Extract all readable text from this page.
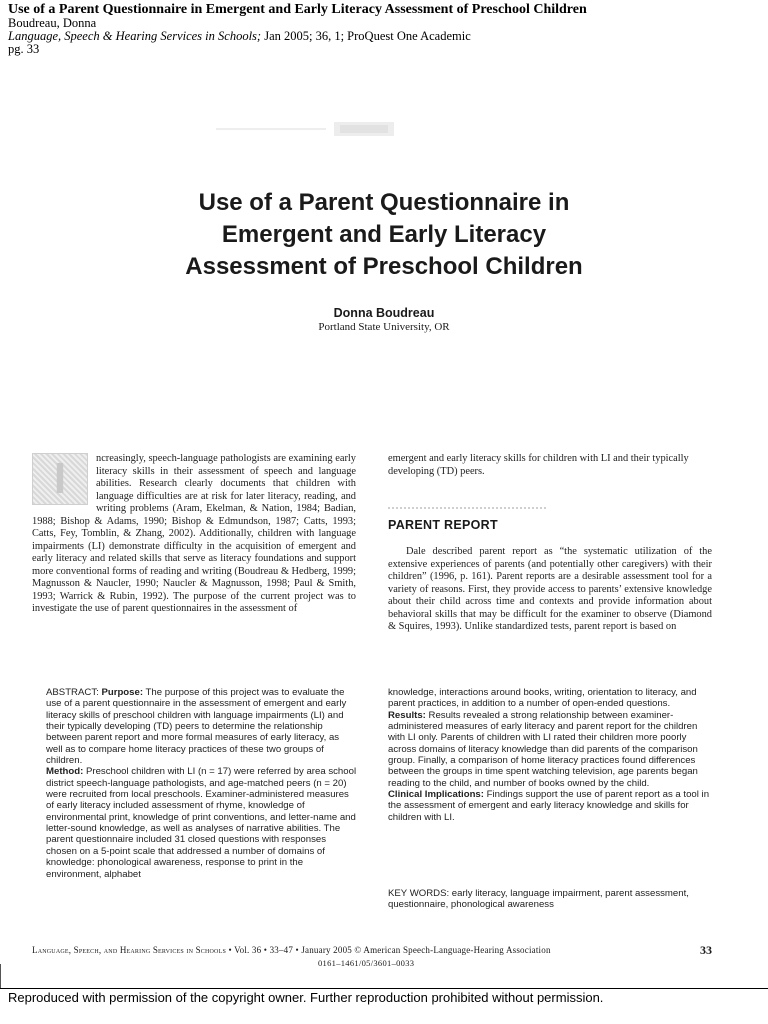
Use of a Parent Questionnaire in Emergent and Early Literacy Assessment of Preschool Children
Boudreau, Donna
Language, Speech & Hearing Services in Schools; Jan 2005; 36, 1; ProQuest One Academic
pg. 33
Use of a Parent Questionnaire in
Emergent and Early Literacy
Assessment of Preschool Children
Donna Boudreau
Portland State University, OR
I	ncreasingly, speech-language pathologists are examining early literacy skills in their assessment of speech and language abilities. Research clearly documents that children with language difficulties are at risk for later literacy, reading, and writing problems (Aram, Ekelman, & Nation, 1984; Badian, 1988; Bishop & Adams, 1990; Bishop & Edmundson, 1987; Catts, 1993; Catts, Fey, Tomblin, & Zhang, 2002). Additionally, children with language impairments (LI) demonstrate difficulty in the acquisition of emergent and early literacy and related skills that serve as literacy foundations and support more conventional forms of reading and writing (Boudreau & Hedberg, 1999; Magnusson & Naucler, 1990; Naucler & Magnusson, 1998; Paul & Smith, 1993; Warrick & Rubin, 1992). The purpose of the current project was to investigate the use of parent questionnaires in the assessment of

emergent and early literacy skills for children with LI and their typically developing (TD) peers.

PARENT REPORT

Dale described parent report as “the systematic utilization of the extensive experiences of parents (and potentially other caregivers) with their children” (1996, p. 161). Parent reports are a desirable assessment tool for a variety of reasons. First, they provide access to parents’ extensive knowledge about their child across time and contexts and provide information about behavioral skills that may be difficult for the examiner to observe (Diamond & Squires, 1993). Unlike standardized tests, parent report is based on

ABSTRACT: Purpose: The purpose of this project was to evaluate the use of a parent questionnaire in the assessment of emergent and early literacy skills of preschool children with language impairments (LI) and their typically developing (TD) peers to determine the relationship between parent report and more formal measures of early literacy, as well as to compare home literacy practices of these two groups of children.

Method: Preschool children with LI (n = 17) were referred by area school district speech-language pathologists, and age-matched peers (n = 20) were recruited from local preschools. Examiner-administered measures of early literacy included assessment of rhyme, knowledge of environmental print, knowledge of print conventions, and letter-name and letter-sound knowledge, as well as analyses of narrative abilities. The parent questionnaire included 31 closed questions with responses chosen on a 5-point scale that addressed a number of domains of knowledge: phonological awareness, response to print in the environment, alphabet

knowledge, interactions around books, writing, orientation to literacy, and parent practices, in addition to a number of open-ended questions.

Results: Results revealed a strong relationship between examiner-administered measures of early literacy and parent report for the children with LI only. Parents of children with LI rated their children more poorly across domains of literacy knowledge than did parents of the comparison group. Finally, a comparison of home literacy practices found differences between the groups in time spent watching television, age parents began reading to the child, and number of books owned by the child.

Clinical Implications: Findings support the use of parent report as a tool in the assessment of emergent and early literacy knowledge and skills for children with LI.

KEY WORDS: early literacy, language impairment, parent assessment, questionnaire, phonological awareness
Language, Speech, and Hearing Services in Schools • Vol. 36 • 33–47 • January 2005 © American Speech-Language-Hearing Association	33
0161–1461/05/3601–0033
Reproduced with permission of the copyright owner. Further reproduction prohibited without permission.
